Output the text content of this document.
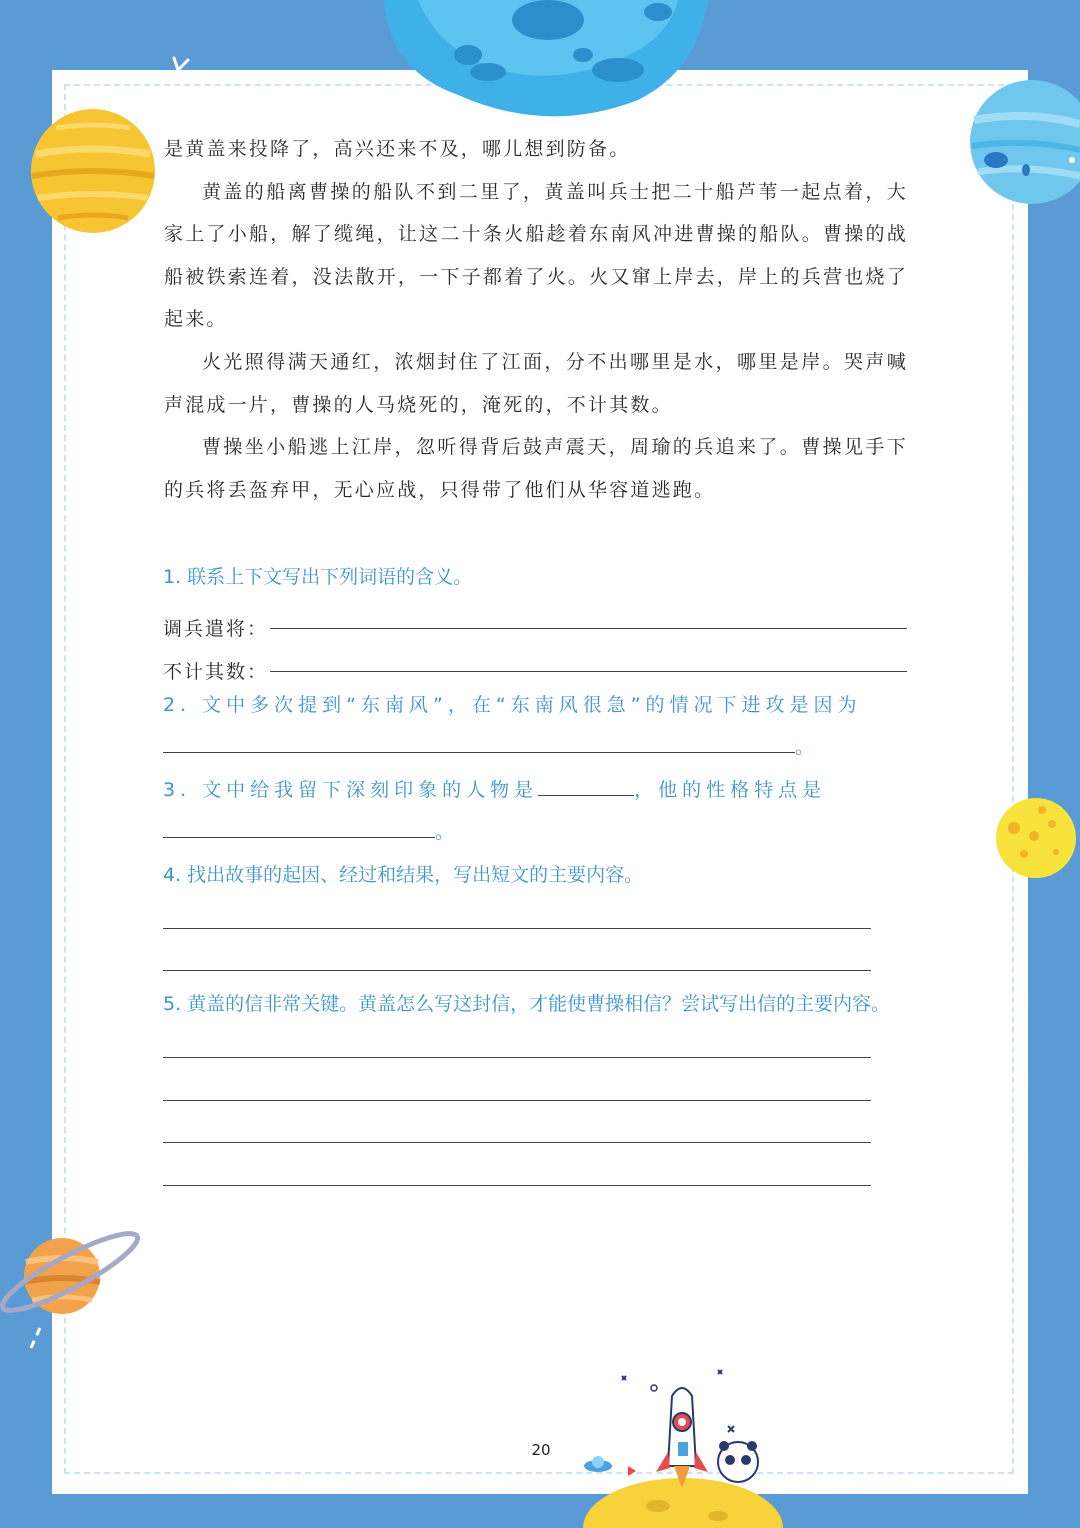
是黄盖来投降了，高兴还来不及，哪儿想到防备。

黄盖的船离曹操的船队不到二里了，黄盖叫兵士把二十船芦苇一起点着，大家上了小船，解了缆绳，让这二十条火船趁着东南风冲进曹操的船队。曹操的战船被铁索连着，没法散开，一下子都着了火。火又窜上岸去，岸上的兵营也烧了起来。

火光照得满天通红，浓烟封住了江面，分不出哪里是水，哪里是岸。哭声喊声混成一片，曹操的人马烧死的，淹死的，不计其数。

曹操坐小船逃上江岸，忽听得背后鼓声震天，周瑜的兵追来了。曹操见手下的兵将丢盔弃甲，无心应战，只得带了他们从华容道逃跑。

1. 联系上下文写出下列词语的含义。
调兵遣将：
不计其数：
2. 文中多次提到“东南风”，在“东南风很急”的情况下进攻是因为
。
3. 文中给我留下深刻印象的人物是	，他的性格特点是
。
4. 找出故事的起因、经过和结果，写出短文的主要内容。
5. 黄盖的信非常关键。黄盖怎么写这封信，才能使曹操相信？尝试写出信的主要内容。
20
